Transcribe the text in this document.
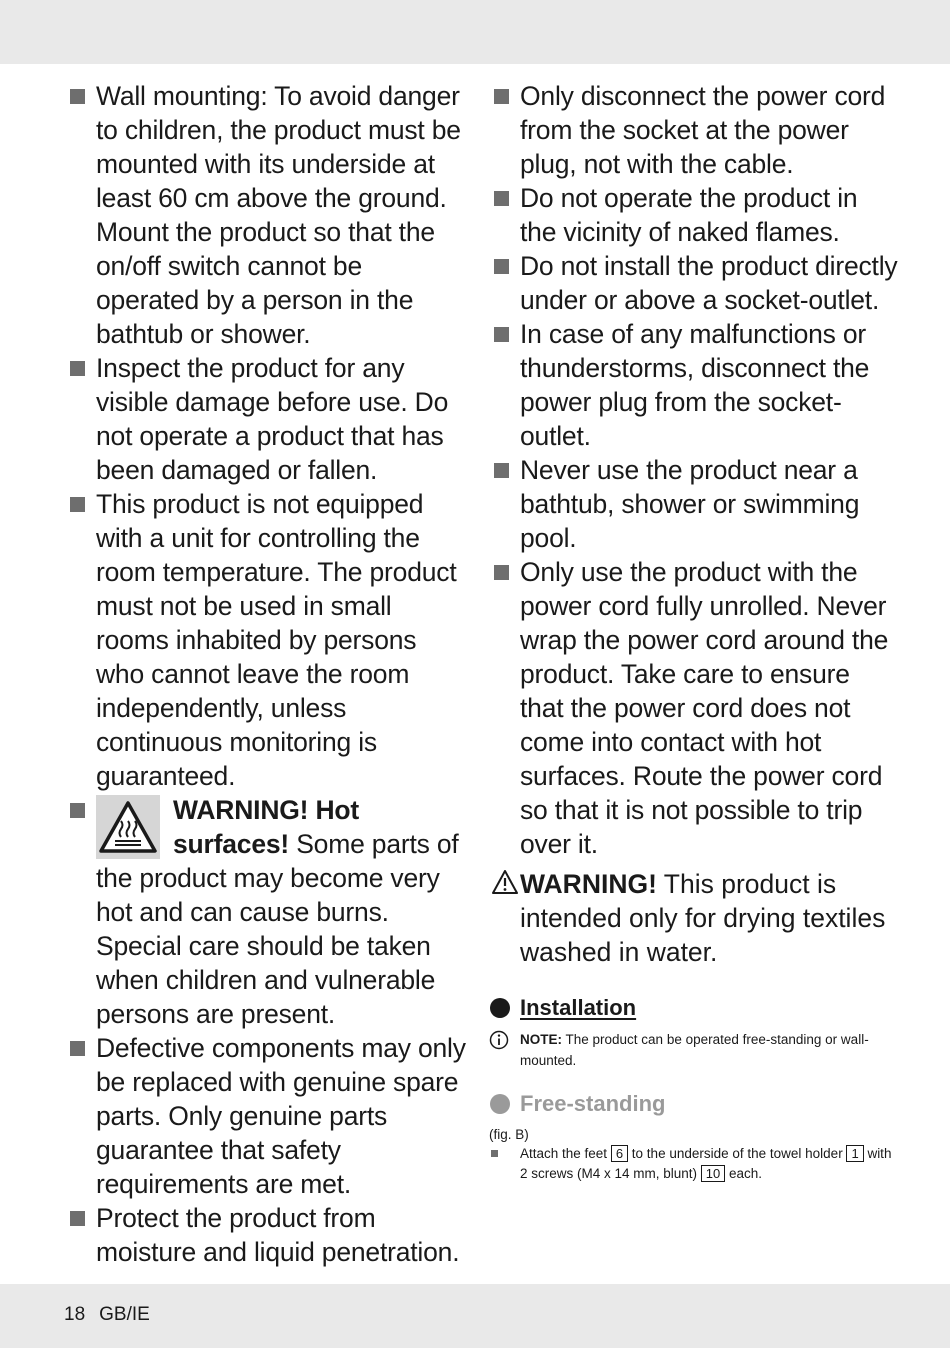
Wall mounting: To avoid danger to children, the product must be mounted with its underside at least 60 cm above the ground. Mount the product so that the on/off switch cannot be operated by a person in the bathtub or shower.
Inspect the product for any visible damage before use. Do not operate a product that has been damaged or fallen.
This product is not equipped with a unit for controlling the room temperature. The product must not be used in small rooms inhabited by persons who cannot leave the room independently, unless continuous monitoring is guaranteed.
WARNING! Hot surfaces! Some parts of the product may become very hot and can cause burns. Special care should be taken when children and vulnerable persons are present.
Defective components may only be replaced with genuine spare parts. Only genuine parts guarantee that safety requirements are met.
Protect the product from moisture and liquid penetration.
Only disconnect the power cord from the socket at the power plug, not with the cable.
Do not operate the product in the vicinity of naked flames.
Do not install the product directly under or above a socket-outlet.
In case of any malfunctions or thunderstorms, disconnect the power plug from the socket-outlet.
Never use the product near a bathtub, shower or swimming pool.
Only use the product with the power cord fully unrolled. Never wrap the power cord around the product. Take care to ensure that the power cord does not come into contact with hot surfaces. Route the power cord so that it is not possible to trip over it.
WARNING! This product is intended only for drying textiles washed in water.
Installation
NOTE: The product can be operated free-standing or wall-mounted.
Free-standing
(fig. B)
Attach the feet 6 to the underside of the towel holder 1 with 2 screws (M4 x 14 mm, blunt) 10 each.
18 GB/IE
